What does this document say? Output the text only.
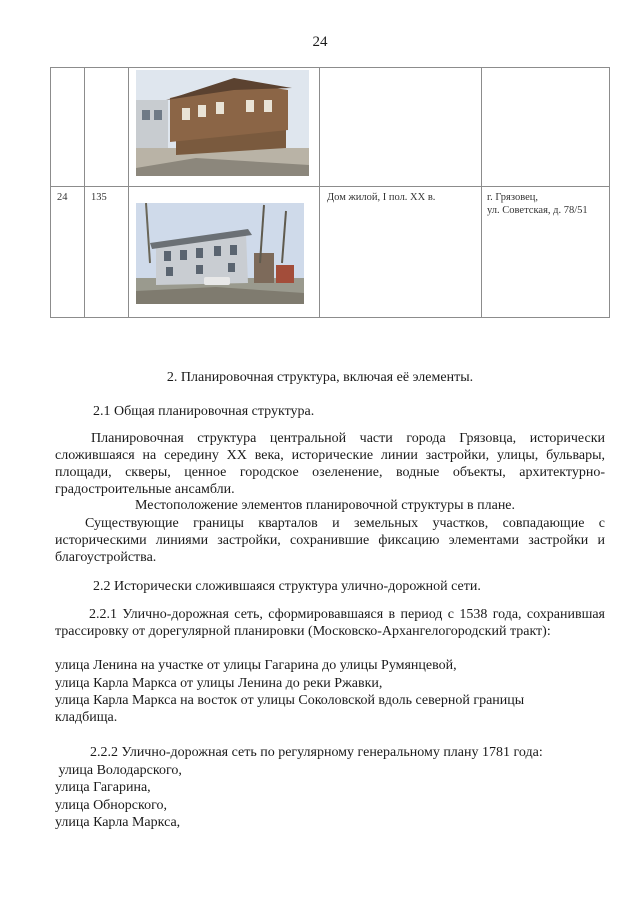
24
24 135	Дом жилой, I пол. XX в.	г. Грязовец,
ул. Советская, д. 78/51
2. Планировочная структура, включая её элементы.
2.1 Общая планировочная структура.
Планировочная структура центральной части города Грязовца, исторически сложившаяся на середину XX века, исторические линии застройки, улицы, бульвары, площади, скверы, ценное городское озеленение, водные объекты, архитектурно-градостроительные ансамбли.
Местоположение элементов планировочной структуры в плане.
Существующие границы кварталов и земельных участков, совпадающие с историческими линиями застройки, сохранившие фиксацию элементами застройки и благоустройства.
2.2 Исторически сложившаяся структура улично-дорожной сети.
2.2.1 Улично-дорожная сеть, сформировавшаяся в период с 1538 года, сохранившая трассировку от дорегулярной планировки (Московско-Архангелогородский тракт):
улица Ленина на участке от улицы Гагарина до улицы Румянцевой,
улица Карла Маркса от улицы Ленина до реки Ржавки,
улица Карла Маркса на восток от улицы Соколовской вдоль северной границы
кладбища.
2.2.2 Улично-дорожная сеть по регулярному генеральному плану 1781 года:
улица Володарского,
улица Гагарина,
улица Обнорского,
улица Карла Маркса,
